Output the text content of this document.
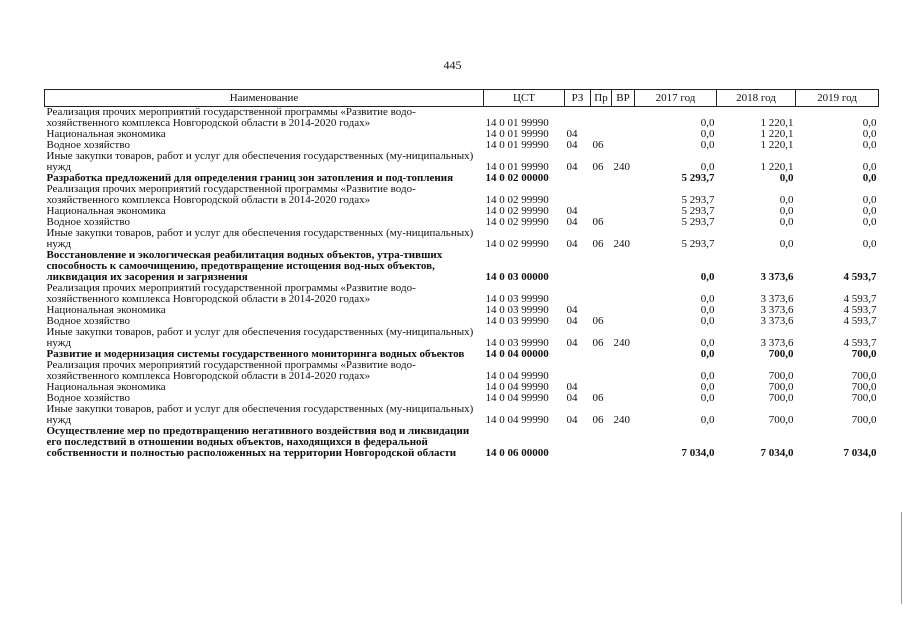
445
Наименование	ЦСТ	РЗ	Пр	ВР	2017 год	2018 год	2019 год
Реализация прочих мероприятий государственной программы «Развитие водо-хозяйственного комплекса Новгородской области в 2014-2020 годах»	14 0 01 99990				0,0	1 220,1	0,0
Национальная экономика	14 0 01 99990	04			0,0	1 220,1	0,0
Водное хозяйство	14 0 01 99990	04	06		0,0	1 220,1	0,0
Иные закупки товаров, работ и услуг для обеспечения государственных (му-ниципальных) нужд	14 0 01 99990	04	06	240	0,0	1 220,1	0,0
Разработка предложений для определения границ зон затопления и под-топления	14 0 02 00000				5 293,7	0,0	0,0
Реализация прочих мероприятий государственной программы «Развитие водо-хозяйственного комплекса Новгородской области в 2014-2020 годах»	14 0 02 99990				5 293,7	0,0	0,0
Национальная экономика	14 0 02 99990	04			5 293,7	0,0	0,0
Водное хозяйство	14 0 02 99990	04	06		5 293,7	0,0	0,0
Иные закупки товаров, работ и услуг для обеспечения государственных (му-ниципальных) нужд	14 0 02 99990	04	06	240	5 293,7	0,0	0,0
Восстановление и экологическая реабилитация водных объектов, утра-тивших способность к самоочищению, предотвращение истощения вод-ных объектов, ликвидация их засорения и загрязнения	14 0 03 00000				0,0	3 373,6	4 593,7
Реализация прочих мероприятий государственной программы «Развитие водо-хозяйственного комплекса Новгородской области в 2014-2020 годах»	14 0 03 99990				0,0	3 373,6	4 593,7
Национальная экономика	14 0 03 99990	04			0,0	3 373,6	4 593,7
Водное хозяйство	14 0 03 99990	04	06		0,0	3 373,6	4 593,7
Иные закупки товаров, работ и услуг для обеспечения государственных (му-ниципальных) нужд	14 0 03 99990	04	06	240	0,0	3 373,6	4 593,7
Развитие и модернизация системы государственного мониторинга водных объектов	14 0 04 00000				0,0	700,0	700,0
Реализация прочих мероприятий государственной программы «Развитие водо-хозяйственного комплекса Новгородской области в 2014-2020 годах»	14 0 04 99990				0,0	700,0	700,0
Национальная экономика	14 0 04 99990	04			0,0	700,0	700,0
Водное хозяйство	14 0 04 99990	04	06		0,0	700,0	700,0
Иные закупки товаров, работ и услуг для обеспечения государственных (му-ниципальных) нужд	14 0 04 99990	04	06	240	0,0	700,0	700,0
Осуществление мер по предотвращению негативного воздействия вод и ликвидации его последствий в отношении водных объектов, находящихся в федеральной собственности и полностью расположенных на территории Новгородской области	14 0 06 00000				7 034,0	7 034,0	7 034,0
